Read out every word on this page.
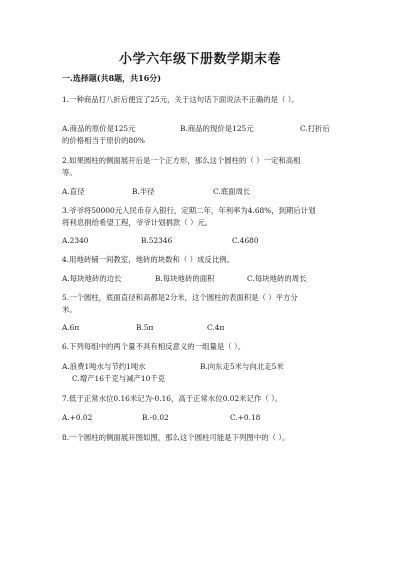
小学六年级下册数学期末卷
一.选择题(共8题，共16分)
1.一种商品打八折后便宜了25元，关于这句话下面说法不正确的是（ ）。
A.商品的原价是125元	B.商品的现价是125元	C.打折后
的价格相当于原价的80%
2.如果圆柱的侧面展开后是一个正方形，那么这个圆柱的（ ）一定和高相
等。
A.直径	B.半径	C.底面周长
3.爷爷将50000元人民币存入银行，定期二年，年利率为4.68%，到期后计划
将利息捐给希望工程，爷爷计划捐款（ ）元。
A.2340	B.52346	C.4680
4.用地砖铺一间教室，地砖的块数和（ ）成反比例。
A.每块地砖的边长	B.每块地砖的面积	C.每块地砖的周长
5.一个圆柱，底面直径和高都是2分米，这个圆柱的表面积是（ ）平方分
米。
A.6π	B.5π	C.4π
6.下列每组中的两个量不具有相反意义的一组量是（ ）。
A.浪费1吨水与节约1吨水	B.向东走5米与向北走5米
C.增产16千克与减产10千克
7.低于正常水位0.16米记为-0.16，高于正常水位0.02米记作（ ）。
A.+0.02	B.-0.02	C.+0.18
8.一个圆柱的侧面展开图如图，那么这个圆柱可能是下列图中的（ ）。
